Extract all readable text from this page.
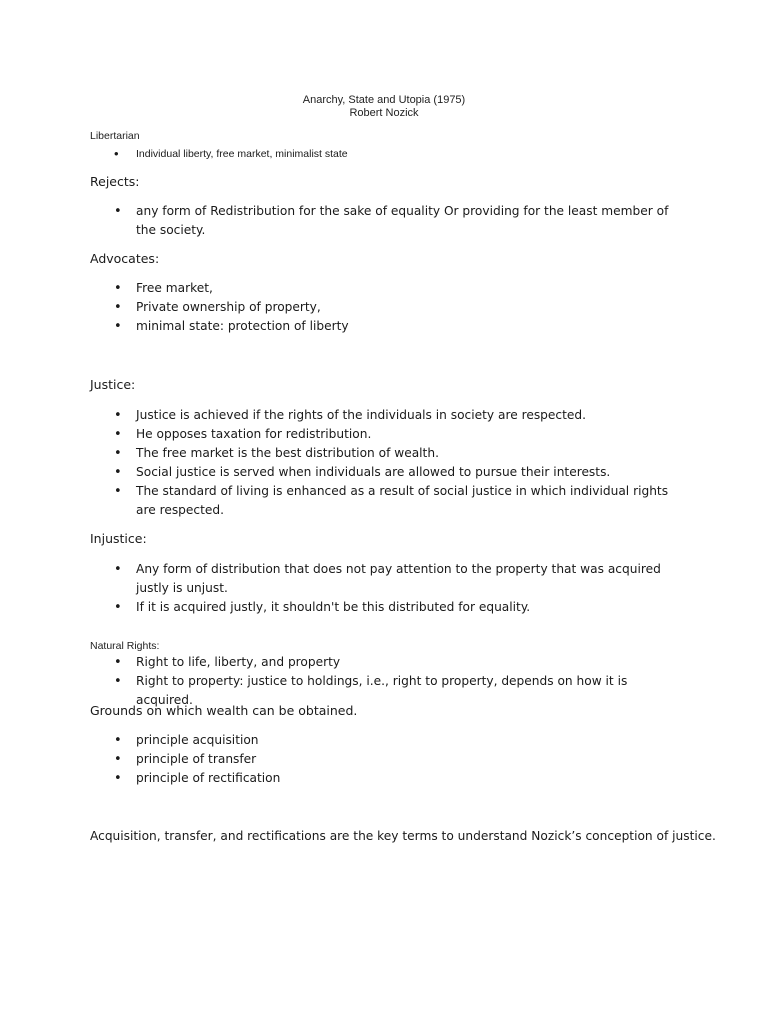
Anarchy, State and Utopia (1975)
Robert Nozick
Libertarian
• Individual liberty, free market, minimalist state
Rejects:
• any form of Redistribution for the sake of equality Or providing for the least member of the society.
Advocates:
• Free market,
• Private ownership of property,
• minimal state: protection of liberty
Justice:
• Justice is achieved if the rights of the individuals in society are respected.
• He opposes taxation for redistribution.
• The free market is the best distribution of wealth.
• Social justice is served when individuals are allowed to pursue their interests.
• The standard of living is enhanced as a result of social justice in which individual rights are respected.
Injustice:
• Any form of distribution that does not pay attention to the property that was acquired justly is unjust.
• If it is acquired justly, it shouldn't be this distributed for equality.
Natural Rights:
• Right to life, liberty, and property
• Right to property: justice to holdings, i.e., right to property, depends on how it is acquired.
Grounds on which wealth can be obtained.
• principle acquisition
• principle of transfer
• principle of rectification
Acquisition, transfer, and rectifications are the key terms to understand Nozick’s conception of justice.
